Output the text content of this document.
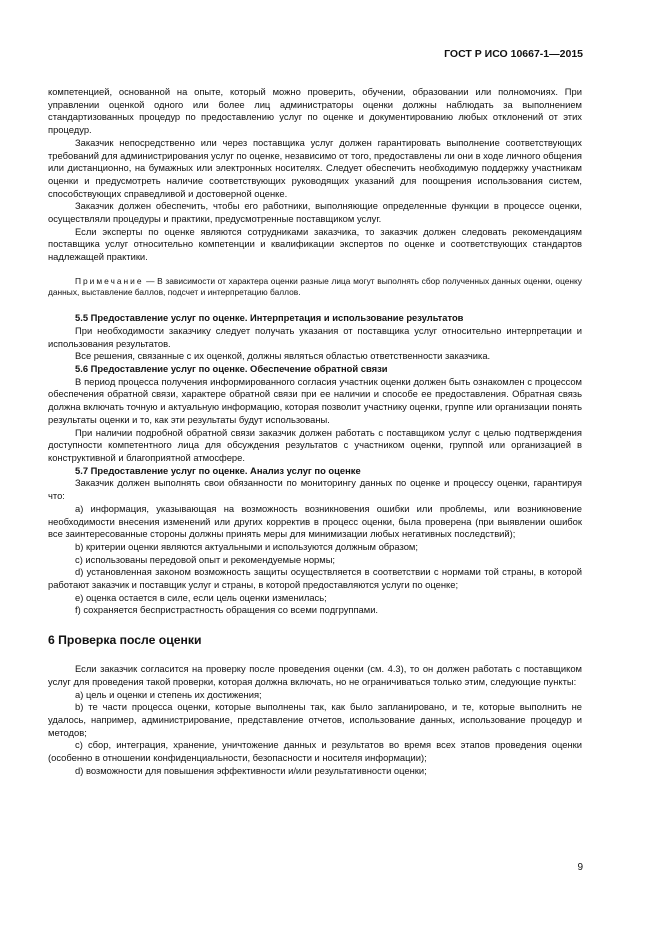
ГОСТ Р ИСО 10667-1—2015

компетенцией, основанной на опыте, который можно проверить, обучении, образовании или полномочиях. При управлении оценкой одного или более лиц администраторы оценки должны наблюдать за выполнением стандартизованных процедур по предоставлению услуг по оценке и документированию любых отклонений от этих процедур.

Заказчик непосредственно или через поставщика услуг должен гарантировать выполнение соответствующих требований для администрирования услуг по оценке, независимо от того, предоставлены ли они в ходе личного общения или дистанционно, на бумажных или электронных носителях. Следует обеспечить необходимую поддержку участникам оценки и предусмотреть наличие соответствующих руководящих указаний для поощрения использования систем, способствующих справедливой и достоверной оценке.

Заказчик должен обеспечить, чтобы его работники, выполняющие определенные функции в процессе оценки, осуществляли процедуры и практики, предусмотренные поставщиком услуг.

Если эксперты по оценке являются сотрудниками заказчика, то заказчик должен следовать рекомендациям поставщика услуг относительно компетенции и квалификации экспертов по оценке и соответствующих стандартов надлежащей практики.

Примечание — В зависимости от характера оценки разные лица могут выполнять сбор полученных данных оценки, оценку данных, выставление баллов, подсчет и интерпретацию баллов.

5.5 Предоставление услуг по оценке. Интерпретация и использование результатов

При необходимости заказчику следует получать указания от поставщика услуг относительно интерпретации и использования результатов.

Все решения, связанные с их оценкой, должны являться областью ответственности заказчика.

5.6 Предоставление услуг по оценке. Обеспечение обратной связи

В период процесса получения информированного согласия участник оценки должен быть ознакомлен с процессом обеспечения обратной связи, характере обратной связи при ее наличии и способе ее предоставления. Обратная связь должна включать точную и актуальную информацию, которая позволит участнику оценки, группе или организации понять результаты оценки и то, как эти результаты будут использованы.

При наличии подробной обратной связи заказчик должен работать с поставщиком услуг с целью подтверждения доступности компетентного лица для обсуждения результатов с участником оценки, группой или организацией в конструктивной и благоприятной атмосфере.

5.7 Предоставление услуг по оценке. Анализ услуг по оценке

Заказчик должен выполнять свои обязанности по мониторингу данных по оценке и процессу оценки, гарантируя что:

a) информация, указывающая на возможность возникновения ошибки или проблемы, или возникновение необходимости внесения изменений или других корректив в процесс оценки, была проверена (при выявлении ошибок все заинтересованные стороны должны принять меры для минимизации любых негативных последствий);

b) критерии оценки являются актуальными и используются должным образом;

c) использованы передовой опыт и рекомендуемые нормы;

d) установленная законом возможность защиты осуществляется в соответствии с нормами той страны, в которой работают заказчик и поставщик услуг и страны, в которой предоставляются услуги по оценке;

e) оценка остается в силе, если цель оценки изменилась;

f) сохраняется беспристрастность обращения со всеми подгруппами.

6 Проверка после оценки

Если заказчик согласится на проверку после проведения оценки (см. 4.3), то он должен работать с поставщиком услуг для проведения такой проверки, которая должна включать, но не ограничиваться только этим, следующие пункты:

a) цель и оценки и степень их достижения;

b) те части процесса оценки, которые выполнены так, как было запланировано, и те, которые выполнить не удалось, например, администрирование, представление отчетов, использование данных, использование процедур и методов;

c) сбор, интеграция, хранение, уничтожение данных и результатов во время всех этапов проведения оценки (особенно в отношении конфиденциальности, безопасности и носителя информации);

d) возможности для повышения эффективности и/или результативности оценки;

9
